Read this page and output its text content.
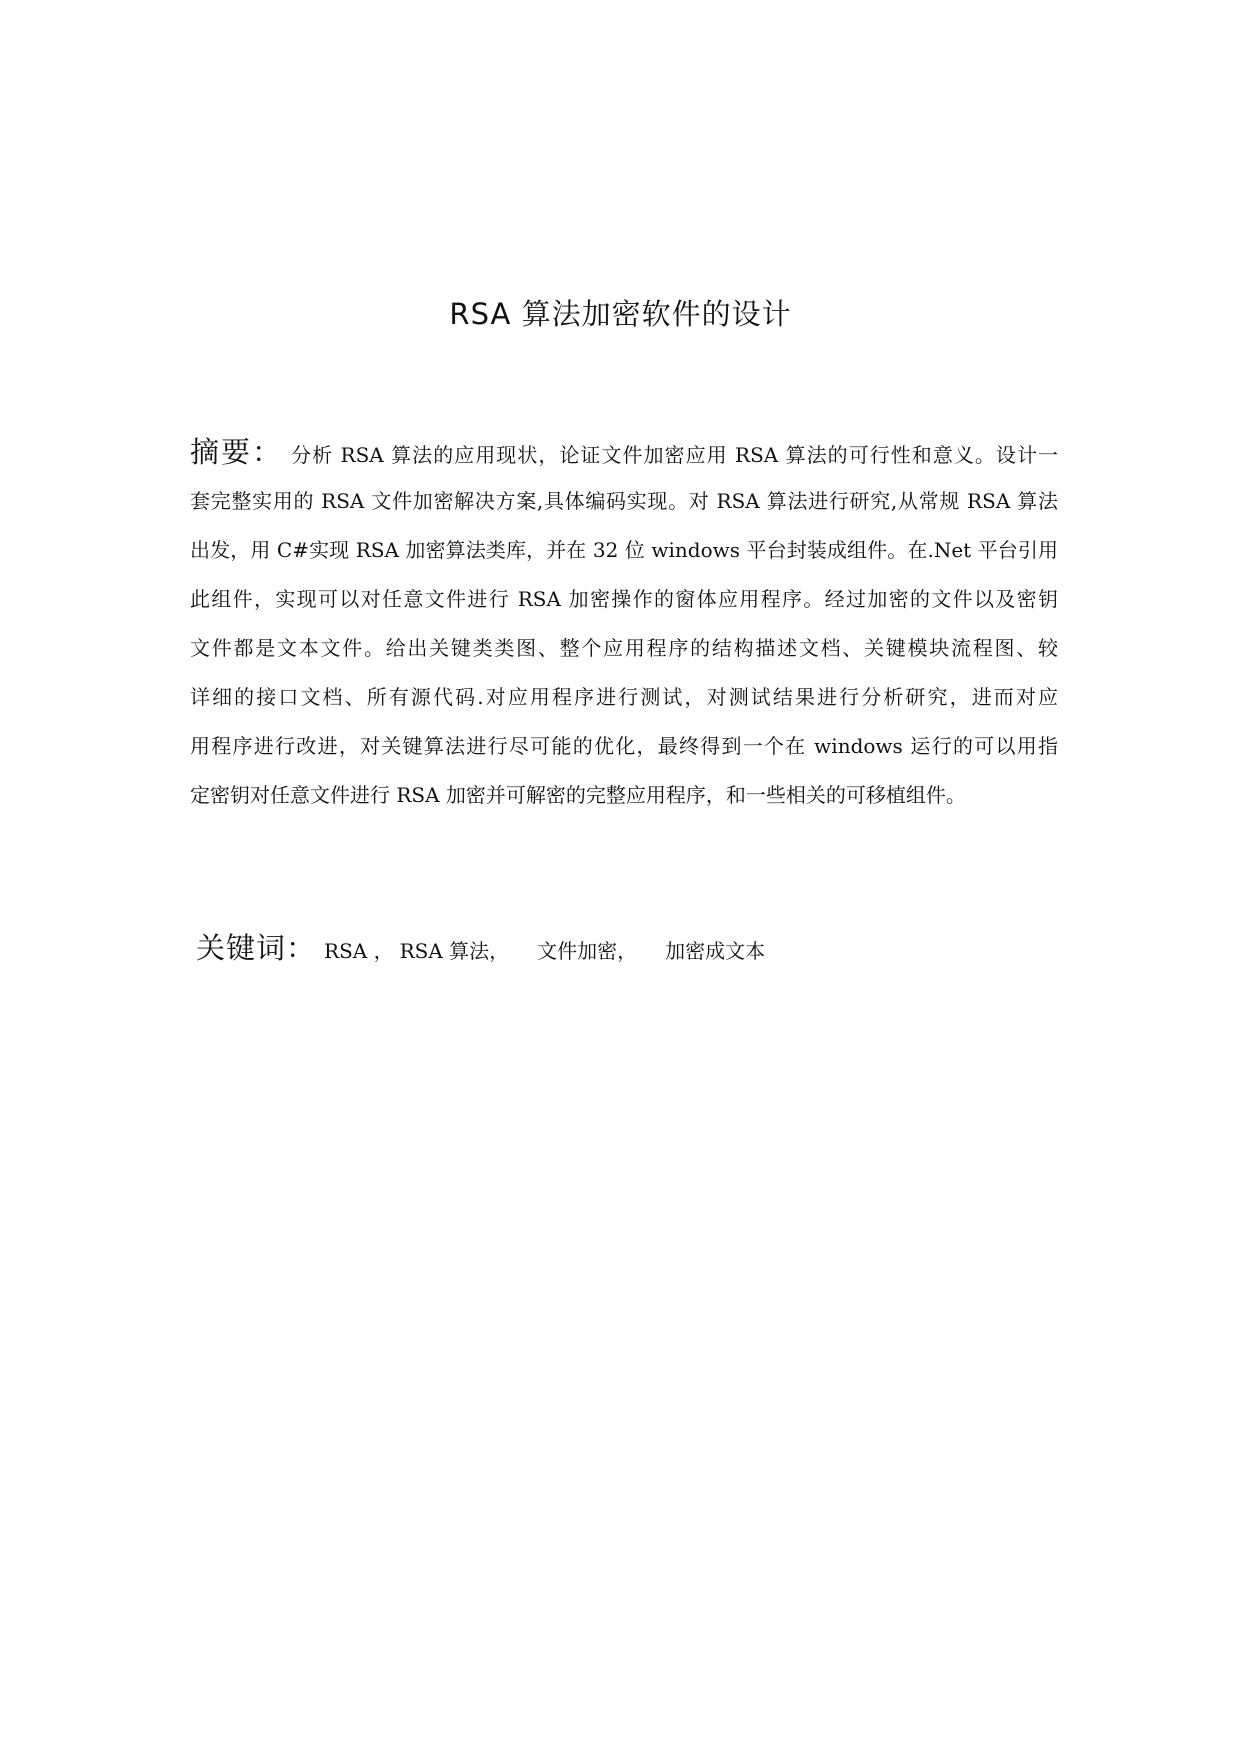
RSA 算法加密软件的设计
摘要： 分析 RSA 算法的应用现状，论证文件加密应用 RSA 算法的可行性和意义。设计一
套完整实用的 RSA 文件加密解决方案,具体编码实现。对 RSA 算法进行研究,从常规 RSA 算法
出发，用 C#实现 RSA 加密算法类库，并在 32 位 windows 平台封装成组件。在.Net 平台引用
此组件，实现可以对任意文件进行 RSA 加密操作的窗体应用程序。经过加密的文件以及密钥
文件都是文本文件。给出关键类类图、整个应用程序的结构描述文档、关键模块流程图、较
详细的接口文档、所有源代码.对应用程序进行测试，对测试结果进行分析研究，进而对应
用程序进行改进，对关键算法进行尽可能的优化，最终得到一个在 windows 运行的可以用指
定密钥对任意文件进行 RSA 加密并可解密的完整应用程序，和一些相关的可移植组件。
关键词： RSA ， RSA 算法， 文件加密， 加密成文本
